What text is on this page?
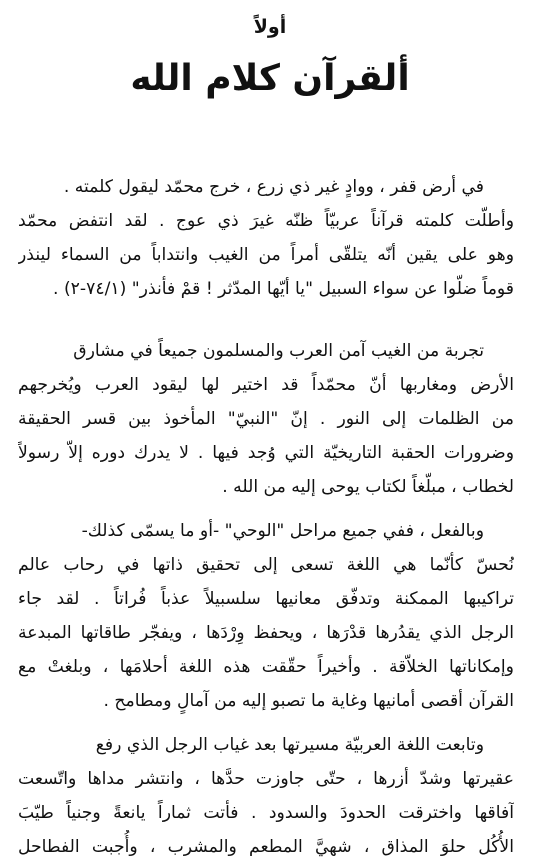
أولاً
ألقرآن كلام الله
في أرض قفر ، ووادٍ غير ذي زرع ، خرج محمّد ليقول كلمته .
وأطلّت كلمته قرآناً عربيّاً ظنّه غيرَ ذي عوج . لقد انتفض محمّد
وهو على يقين أنّه يتلقّى أمراً من الغيب وانتداباً من السماء لينذر
قوماً ضلّوا عن سواء السبيل "يا أيّها المدّثر ! قمْ فأنذر" (٧٤/١-٢) .
تجربة من الغيب آمن العرب والمسلمون جميعاً في مشارق
الأرض ومغاربها أنّ محمّداً قد اختير لها ليقود العرب ويُخرجهم
من الظلمات إلى النور . إنّ "النبيّ" المأخوذ بين قسر الحقيقة
وضرورات الحقبة التاريخيّة التي وُجد فيها . لا يدرك دوره إلاّ رسولاً
لخطاب ، مبلّغاً لكتاب يوحى إليه من الله .
وبالفعل ، ففي جميع مراحل "الوحي" -أو ما يسمّى كذلك-
نُحسّ كأنّما هي اللغة تسعى إلى تحقيق ذاتها في رحاب عالم
تراكيبها الممكنة وتدفّق معانيها سلسبيلاً عذباً فُراتاً . لقد جاء
الرجل الذي يقدُرها قدْرَها ، ويحفظ وِرْدَها ، ويفجّر طاقاتها المبدعة
وإمكاناتها الخلاّقة . وأخيراً حقّقت هذه اللغة أحلامَها ، وبلغتْ مع
القرآن أقصى أمانيها وغاية ما تصبو إليه من آمالٍ ومطامح .
وتابعت اللغة العربيّة مسيرتها بعد غياب الرجل الذي رفع
عقيرتها وشدّ أزرها ، حتّى جاوزت حدَّها ، وانتشر مداها واتّسعت
آفاقها واخترقت الحدودَ والسدود . فأتت ثماراً يانعةً وجنياً طيّبَ
الأُكُل حلوَ المذاق ، شهيَّ المطعم والمشرب ، وأُجبت الفطاحل
